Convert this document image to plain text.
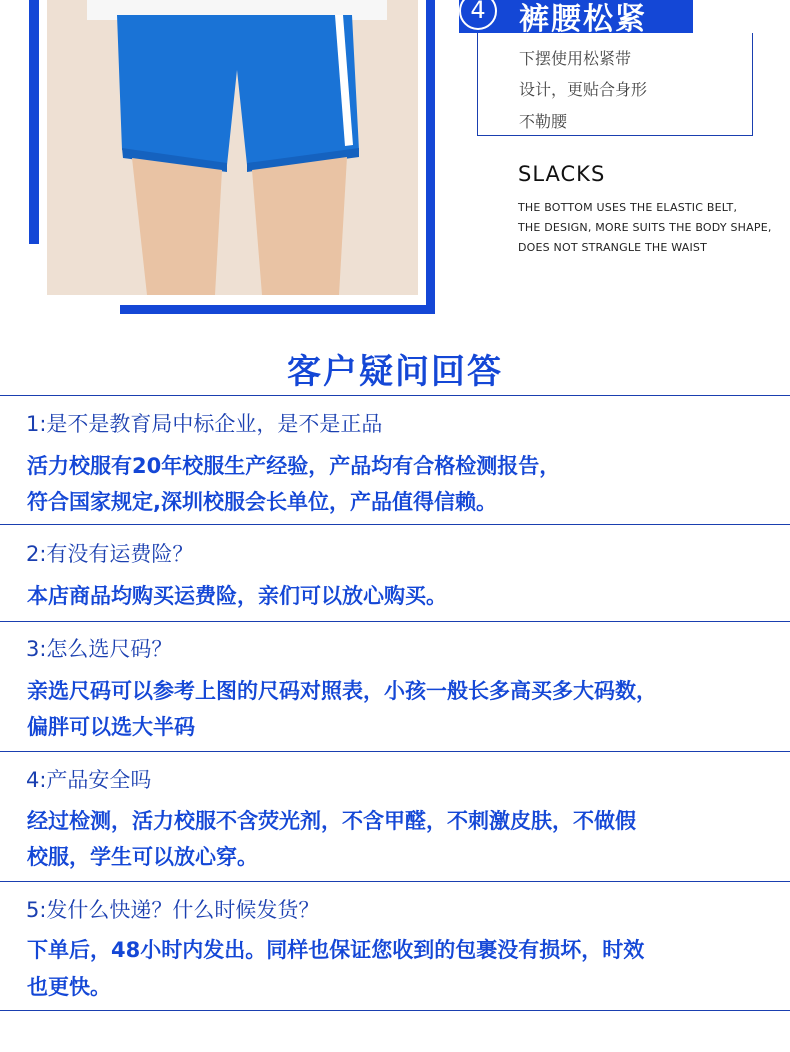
4	裤腰松紧
下摆使用松紧带
设计，更贴合身形
不勒腰
SLACKS
THE BOTTOM USES THE ELASTIC BELT,
THE DESIGN, MORE SUITS THE BODY SHAPE,
DOES NOT STRANGLE THE WAIST
客户疑问回答
1:是不是教育局中标企业，是不是正品
活力校服有20年校服生产经验，产品均有合格检测报告，
符合国家规定,深圳校服会长单位，产品值得信赖。
2:有没有运费险？
本店商品均购买运费险，亲们可以放心购买。
3:怎么选尺码？
亲选尺码可以参考上图的尺码对照表，小孩一般长多高买多大码数，
偏胖可以选大半码
4:产品安全吗
经过检测，活力校服不含荧光剂，不含甲醛，不刺激皮肤，不做假
校服，学生可以放心穿。
5:发什么快递？什么时候发货？
下单后，48小时内发出。同样也保证您收到的包裹没有损坏，时效
也更快。
